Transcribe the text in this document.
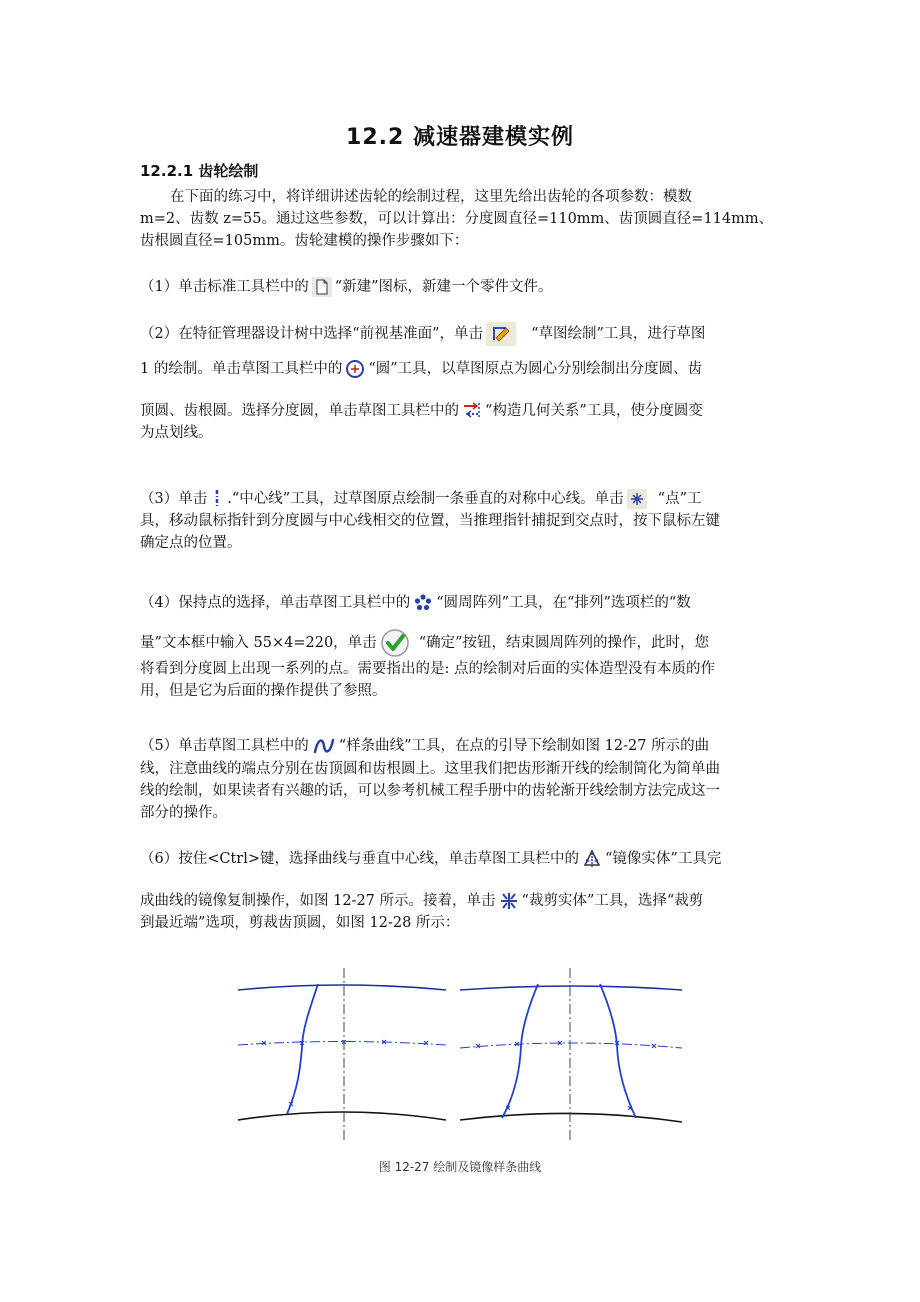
12.2 减速器建模实例
12.2.1 齿轮绘制
在下面的练习中，将详细讲述齿轮的绘制过程，这里先给出齿轮的各项参数：模数
m=2、齿数 z=55。通过这些参数，可以计算出：分度圆直径=110mm、齿顶圆直径=114mm、
齿根圆直径=105mm。齿轮建模的操作步骤如下：
（1）单击标准工具栏中的 “新建”图标，新建一个零件文件。
（2）在特征管理器设计树中选择“前视基准面”，单击	“草图绘制”工具，进行草图
1 的绘制。单击草图工具栏中的 “圆”工具，以草图原点为圆心分别绘制出分度圆、齿
顶圆、齿根圆。选择分度圆，单击草图工具栏中的 “构造几何关系”工具，使分度圆变
为点划线。
（3）单击 .“中心线”工具，过草图原点绘制一条垂直的对称中心线。单击 “点”工
具，移动鼠标指针到分度圆与中心线相交的位置，当推理指针捕捉到交点时，按下鼠标左键
确定点的位置。
（4）保持点的选择，单击草图工具栏中的 “圆周阵列”工具，在“排列”选项栏的“数
量”文本框中输入 55×4=220，单击	“确定”按钮，结束圆周阵列的操作，此时，您
将看到分度圆上出现一系列的点。需要指出的是: 点的绘制对后面的实体造型没有本质的作
用，但是它为后面的操作提供了参照。
（5）单击草图工具栏中的 “样条曲线”工具，在点的引导下绘制如图 12-27 所示的曲
线，注意曲线的端点分别在齿顶圆和齿根圆上。这里我们把齿形渐开线的绘制简化为简单曲
线的绘制，如果读者有兴趣的话，可以参考机械工程手册中的齿轮渐开线绘制方法完成这一
部分的操作。
（6）按住<Ctrl>键，选择曲线与垂直中心线，单击草图工具栏中的 “镜像实体”工具完
成曲线的镜像复制操作，如图 12-27 所示。接着，单击 “裁剪实体”工具，选择“裁剪
到最近端”选项，剪裁齿顶圆，如图 12-28 所示：
图 12-27 绘制及镜像样条曲线
